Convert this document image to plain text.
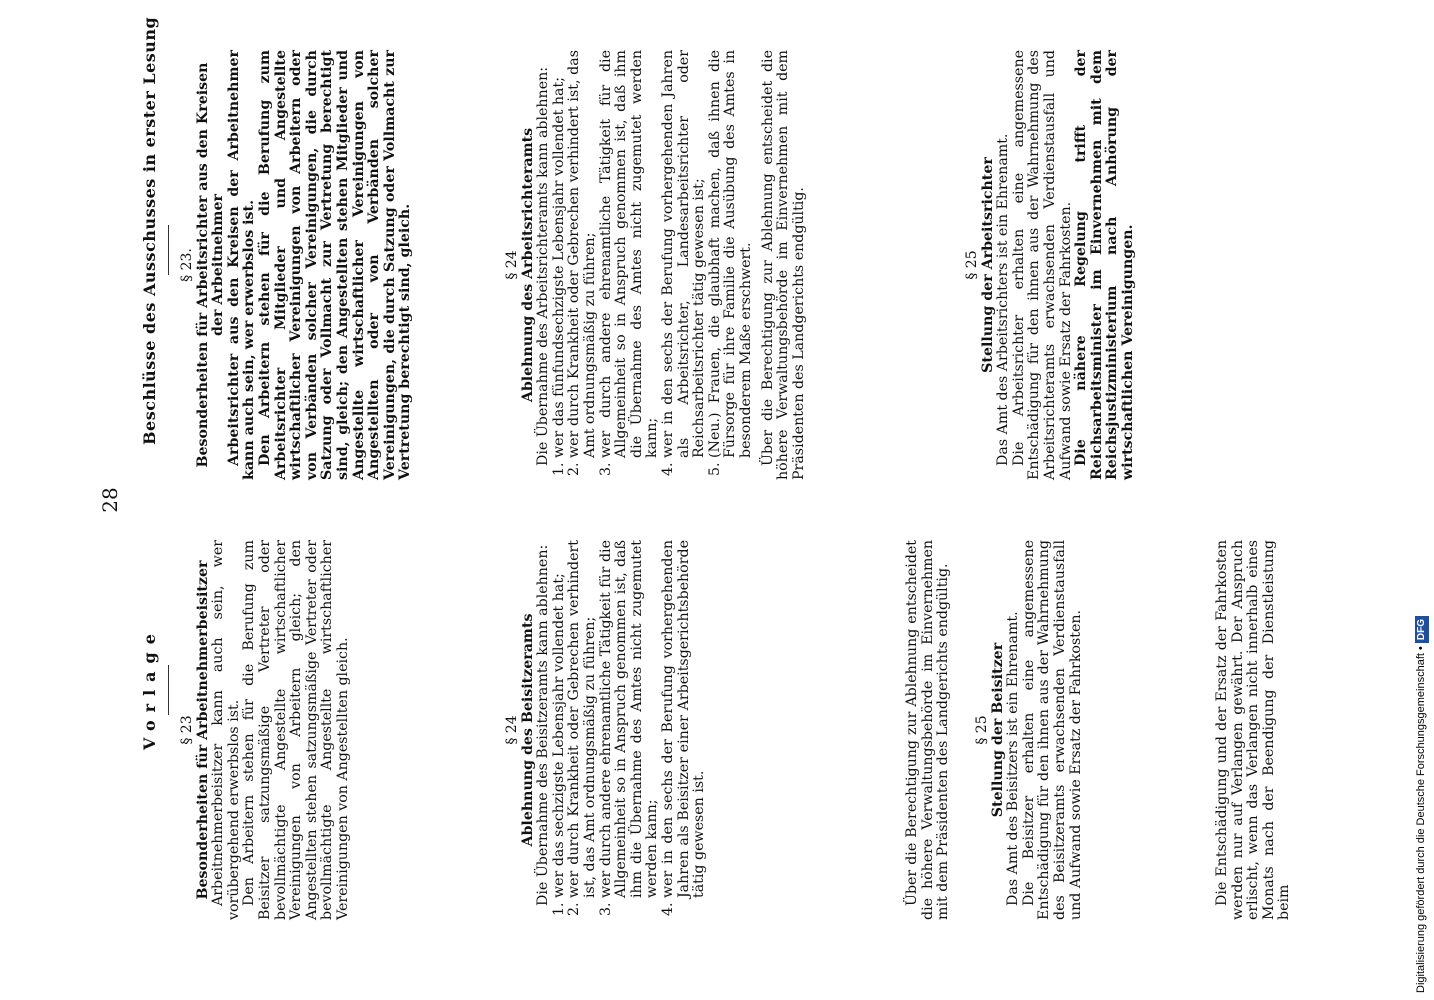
28
Vorlage § 23 Besonderheiten für Arbeitnehmerbeisitzer Arbeitnehmerbeisitzer kann auch sein, wer vorübergehend erwerbslos ist. Den Arbeitern stehen für die Berufung zum Beisitzer satzungsmäßige Vertreter oder bevollmächtigte Angestellte wirtschaftlicher Vereinigungen von Arbeitern gleich; den Angestellten stehen satzungsmäßige Vertreter oder bevollmächtigte Angestellte wirtschaftlicher Vereinigungen von Angestellten gleich.	§ 24 Ablehnung des Beisitzeramts Die Übernahme des Beisitzeramts kann ablehnen: 1. wer das sechzigste Lebensjahr vollendet hat; 2. wer durch Krankheit oder Gebrechen verhindert ist, das Amt ordnungsmäßig zu führen; 3. wer durch andere ehrenamtliche Tätigkeit für die Allgemeinheit so in Anspruch genommen ist, daß ihm die Übernahme des Amtes nicht zugemutet werden kann; 4. wer in den sechs der Berufung vorhergehenden Jahren als Beisitzer einer Arbeitsgerichtsbehörde tätig gewesen ist.	Über die Berechtigung zur Ablehnung entscheidet die höhere Verwaltungsbehörde im Einvernehmen mit dem Präsidenten des Landgerichts endgültig. § 25 Stellung der Beisitzer Das Amt des Beisitzers ist ein Ehrenamt. Die Beisitzer erhalten eine angemessene Entschädigung für den ihnen aus der Wahrnehmung des Beisitzeramts erwachsenden Verdienstausfall und Aufwand sowie Ersatz der Fahrkosten.	Die Entschädigung und der Ersatz der Fahrkosten werden nur auf Verlangen gewährt. Der Anspruch erlischt, wenn das Verlangen nicht innerhalb eines Monats nach der Beendigung der Dienstleistung beim

Beschlüsse des Ausschusses in erster Lesung § 23. Besonderheiten für Arbeitsrichter aus den Kreisen der Arbeitnehmer Arbeitsrichter aus den Kreisen der Arbeitnehmer kann auch sein, wer erwerbslos ist. Den Arbeitern stehen für die Berufung zum Arbeitsrichter Mitglieder und Angestellte wirtschaftlicher Vereinigungen von Arbeitern oder von Verbänden solcher Vereinigungen, die durch Satzung oder Vollmacht zur Vertretung berechtigt sind, gleich; den Angestellten stehen Mitglieder und Angestellte wirtschaftlicher Vereinigungen von Angestellten oder von Verbänden solcher Vereinigungen, die durch Satzung oder Vollmacht zur Vertretung berechtigt sind, gleich.	§ 24 Ablehnung des Arbeitsrichteramts Die Übernahme des Arbeitsrichteramts kann ablehnen: 1. wer das fünfundsechzigste Lebensjahr vollendet hat; 2. wer durch Krankheit oder Gebrechen verhindert ist, das Amt ordnungsmäßig zu führen; 3. wer durch andere ehrenamtliche Tätigkeit für die Allgemeinheit so in Anspruch genommen ist, daß ihm die Übernahme des Amtes nicht zugemutet werden kann; 4. wer in den sechs der Berufung vorhergehenden Jahren als Arbeitsrichter, Landesarbeitsrichter oder Reichsarbeitsrichter tätig gewesen ist; 5. (Neu.) Frauen, die glaubhaft machen, daß ihnen die Fürsorge für ihre Familie die Ausübung des Amtes in besonderem Maße erschwert. Über die Berechtigung zur Ablehnung entscheidet die höhere Verwaltungsbehörde im Einvernehmen mit dem Präsidenten des Landgerichts endgültig.	§ 25 Stellung der Arbeitsrichter Das Amt des Arbeitsrichters ist ein Ehrenamt. Die Arbeitsrichter erhalten eine angemessene Entschädigung für den ihnen aus der Wahrnehmung des Arbeitsrichteramts erwachsenden Verdienstausfall und Aufwand sowie Ersatz der Fahrkosten. Die nähere Regelung trifft der Reichsarbeitsminister im Einvernehmen mit dem Reichsjustizministerium nach Anhörung der wirtschaftlichen Vereinigungen.

Digitalisierung gefördert durch die Deutsche Forschungsgemeinschaft •DFG
